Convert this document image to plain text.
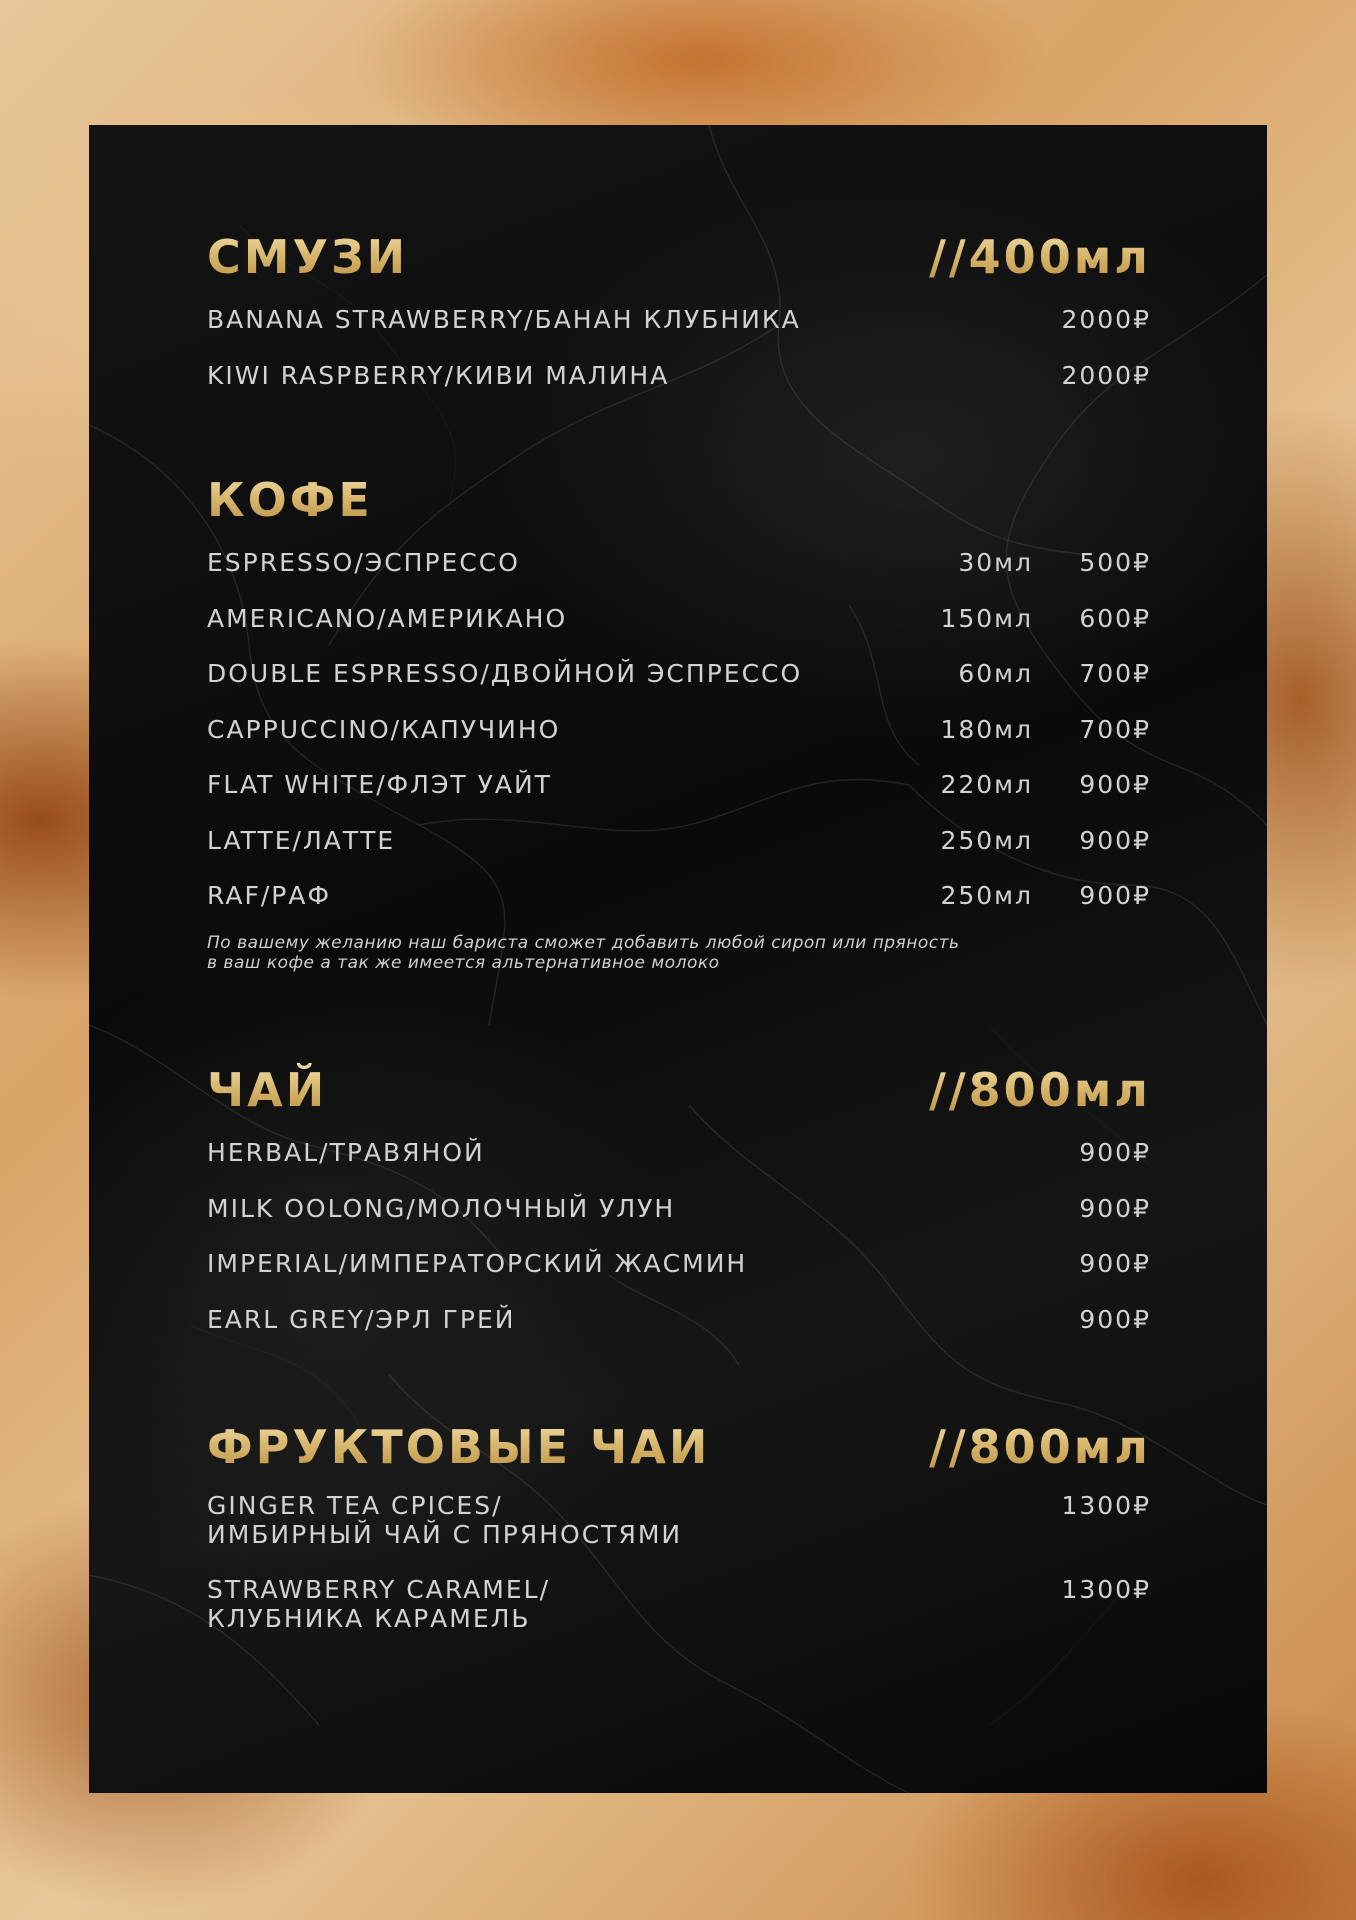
СМУЗИ	//400мл
BANANA STRAWBERRY/БАНАН КЛУБНИКА	2000₽
KIWI RASPBERRY/КИВИ МАЛИНА	2000₽
КОФЕ
ESPRESSO/ЭСПРЕССО	30мл 500₽
AMERICANO/АМЕРИКАНО	150мл 600₽
DOUBLE ESPRESSO/ДВОЙНОЙ ЭСПРЕССО	60мл 700₽
CAPPUCCINO/КАПУЧИНО	180мл 700₽
FLAT WHITE/ФЛЭТ УАЙТ	220мл 900₽
LATTE/ЛАТТЕ	250мл 900₽
RAF/РАФ	250мл 900₽
По вашему желанию наш бариста сможет добавить любой сироп или пряность
в ваш кофе а так же имеется альтернативное молоко
ЧАЙ	//800мл
HERBAL/ТРАВЯНОЙ	900₽
MILK OOLONG/МОЛОЧНЫЙ УЛУН	900₽
IMPERIAL/ИМПЕРАТОРСКИЙ ЖАСМИН	900₽
EARL GREY/ЭРЛ ГРЕЙ	900₽
ФРУКТОВЫЕ ЧАИ	//800мл
GINGER TEA CPICES/
ИМБИРНЫЙ ЧАЙ С ПРЯНОСТЯМИ
1300₽
STRAWBERRY CARAMEL/
КЛУБНИКА КАРАМЕЛЬ
1300₽
